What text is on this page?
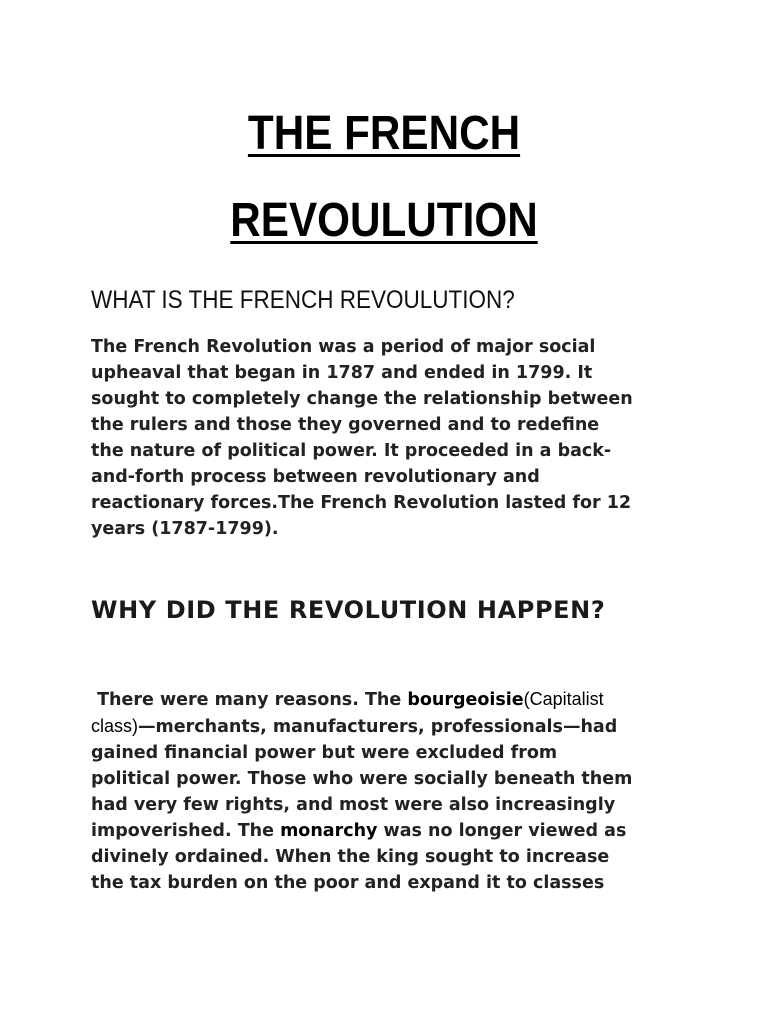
THE FRENCH
REVOULUTION
WHAT IS THE FRENCH REVOULUTION?
The French Revolution was a period of major social
upheaval that began in 1787 and ended in 1799. It
sought to completely change the relationship between
the rulers and those they governed and to redefine
the nature of political power. It proceeded in a back-
and-forth process between revolutionary and
reactionary forces.The French Revolution lasted for 12
years (1787-1799).
WHY DID THE REVOLUTION HAPPEN?
There were many reasons. The bourgeoisie(Capitalist
class)—merchants, manufacturers, professionals—had
gained financial power but were excluded from
political power. Those who were socially beneath them
had very few rights, and most were also increasingly
impoverished. The monarchy was no longer viewed as
divinely ordained. When the king sought to increase
the tax burden on the poor and expand it to classes
